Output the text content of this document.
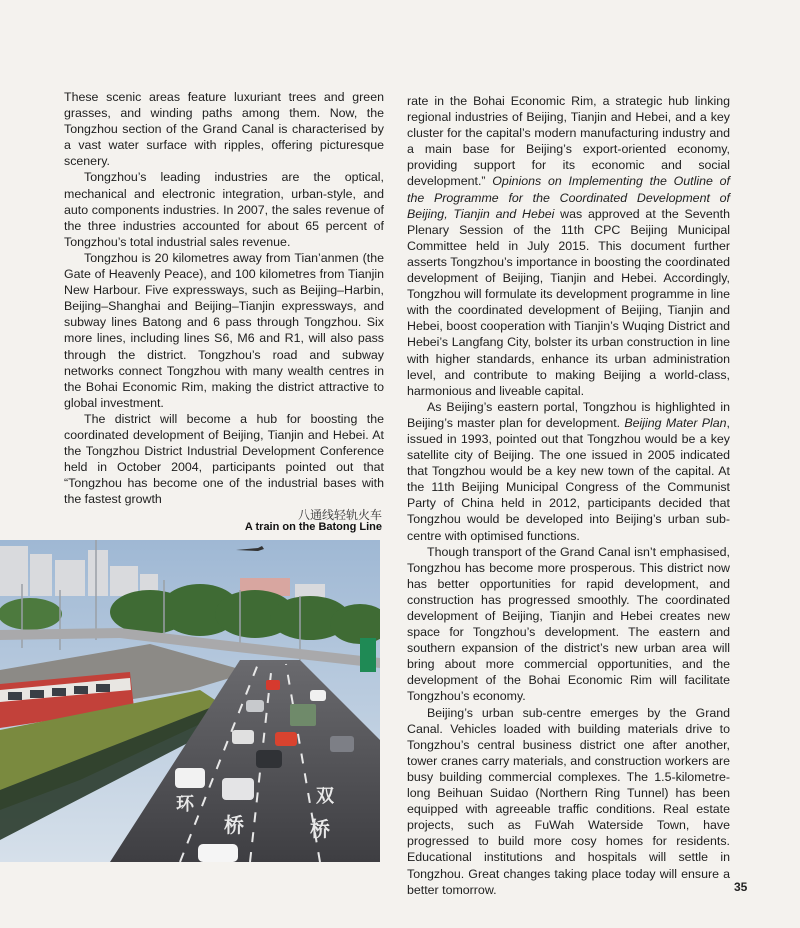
These scenic areas feature luxuriant trees and green grasses, and winding paths among them. Now, the Tongzhou section of the Grand Canal is characterised by a vast water surface with ripples, offering picturesque scenery.

Tongzhou’s leading industries are the optical, mechanical and electronic integration, urban-style, and auto components industries. In 2007, the sales revenue of the three industries accounted for about 65 percent of Tongzhou’s total industrial sales revenue.

Tongzhou is 20 kilometres away from Tian’anmen (the Gate of Heavenly Peace), and 100 kilometres from Tianjin New Harbour. Five expressways, such as Beijing–Harbin, Beijing–Shanghai and Beijing–Tianjin expressways, and subway lines Batong and 6 pass through Tongzhou. Six more lines, including lines S6, M6 and R1, will also pass through the district. Tongzhou’s road and subway networks connect Tongzhou with many wealth centres in the Bohai Economic Rim, making the district attractive to global investment.

The district will become a hub for boosting the coordinated development of Beijing, Tianjin and Hebei. At the Tongzhou District Industrial Development Conference held in October 2004, participants pointed out that “Tongzhou has become one of the industrial bases with the fastest growth

八通线轻轨火车
A train on the Batong Line
环	双
桥	桥

rate in the Bohai Economic Rim, a strategic hub linking regional industries of Beijing, Tianjin and Hebei, and a key cluster for the capital’s modern manufacturing industry and a main base for Beijing’s export-oriented economy, providing support for its economic and social development.” Opinions on Implementing the Outline of the Programme for the Coordinated Development of Beijing, Tianjin and Hebei was approved at the Seventh Plenary Session of the 11th CPC Beijing Municipal Committee held in July 2015. This document further asserts Tongzhou’s importance in boosting the coordinated development of Beijing, Tianjin and Hebei. Accordingly, Tongzhou will formulate its development programme in line with the coordinated development of Beijing, Tianjin and Hebei, boost cooperation with Tianjin’s Wuqing District and Hebei’s Langfang City, bolster its urban construction in line with higher standards, enhance its urban administration level, and contribute to making Beijing a world-class, harmonious and liveable capital.

As Beijing’s eastern portal, Tongzhou is highlighted in Beijing’s master plan for development. Beijing Mater Plan, issued in 1993, pointed out that Tongzhou would be a key satellite city of Beijing. The one issued in 2005 indicated that Tongzhou would be a key new town of the capital. At the 11th Beijing Municipal Congress of the Communist Party of China held in 2012, participants decided that Tongzhou would be developed into Beijing’s urban sub-centre with optimised functions.

Though transport of the Grand Canal isn’t emphasised, Tongzhou has become more prosperous. This district now has better opportunities for rapid development, and construction has progressed smoothly. The coordinated development of Beijing, Tianjin and Hebei creates new space for Tongzhou’s development. The eastern and southern expansion of the district’s new urban area will bring about more commercial opportunities, and the development of the Bohai Economic Rim will facilitate Tongzhou’s economy.

Beijing’s urban sub-centre emerges by the Grand Canal. Vehicles loaded with building materials drive to Tongzhou’s central business district one after another, tower cranes carry materials, and construction workers are busy building commercial complexes. The 1.5-kilometre-long Beihuan Suidao (Northern Ring Tunnel) has been equipped with agreeable traffic conditions. Real estate projects, such as FuWah Waterside Town, have progressed to build more cosy homes for residents. Educational institutions and hospitals will settle in Tongzhou. Great changes taking place today will ensure a better tomorrow.	35
